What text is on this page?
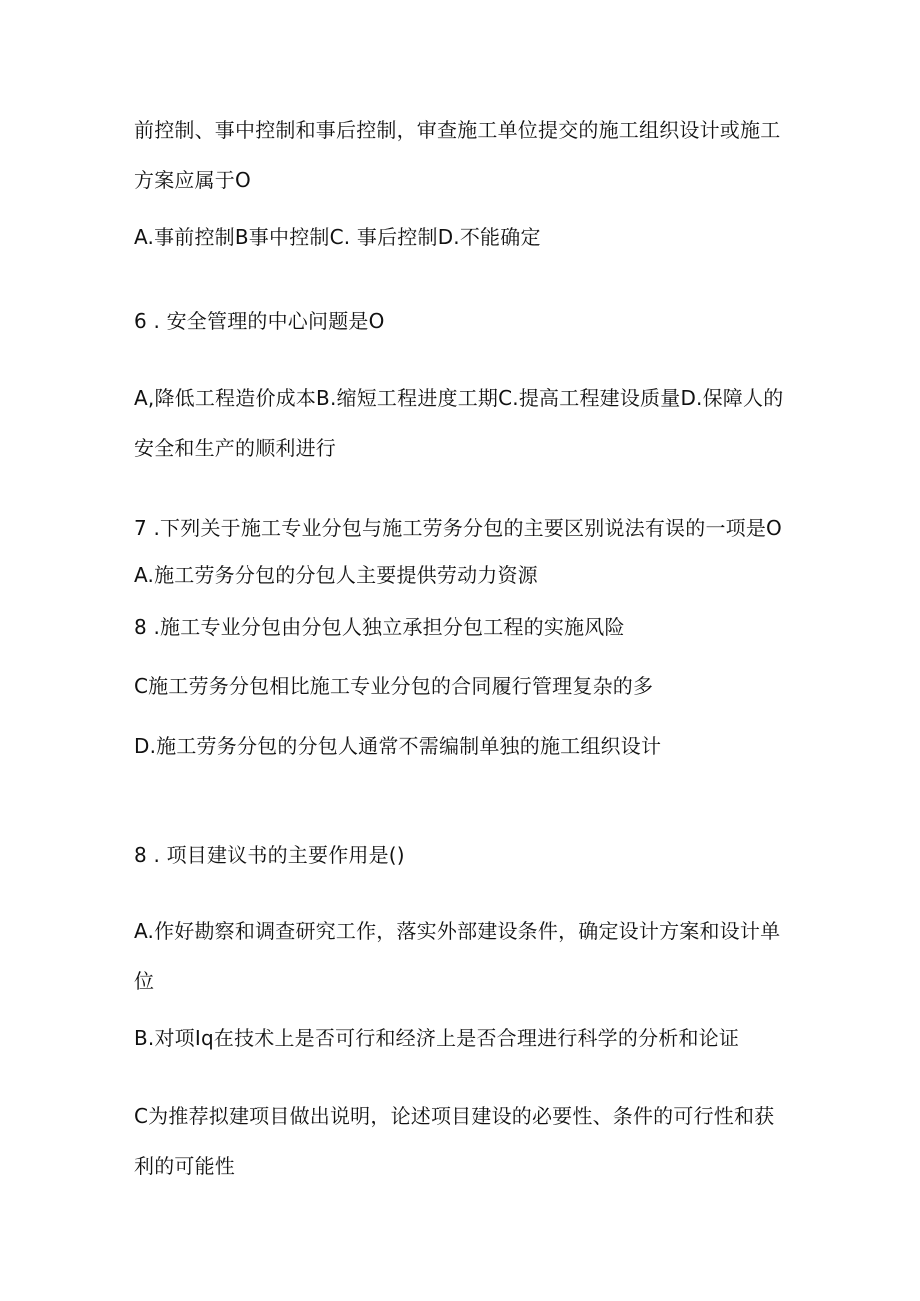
前控制、事中控制和事后控制，审查施工单位提交的施工组织设计或施工
方案应属于O
A.事前控制B事中控制C. 事后控制D.不能确定
6 . 安全管理的中心问题是O
A,降低工程造价成本B.缩短工程进度工期C.提高工程建设质量D.保障人的
安全和生产的顺利进行
7 .下列关于施工专业分包与施工劳务分包的主要区别说法有误的一项是O
A.施工劳务分包的分包人主要提供劳动力资源
8 .施工专业分包由分包人独立承担分包工程的实施风险
C施工劳务分包相比施工专业分包的合同履行管理复杂的多
D.施工劳务分包的分包人通常不需编制单独的施工组织设计
8 . 项目建议书的主要作用是()
A.作好勘察和调查研究工作，落实外部建设条件，确定设计方案和设计单
位
B.对项Iq在技术上是否可行和经济上是否合理进行科学的分析和论证
C为推荐拟建项目做出说明，论述项目建设的必要性、条件的可行性和获
利的可能性
